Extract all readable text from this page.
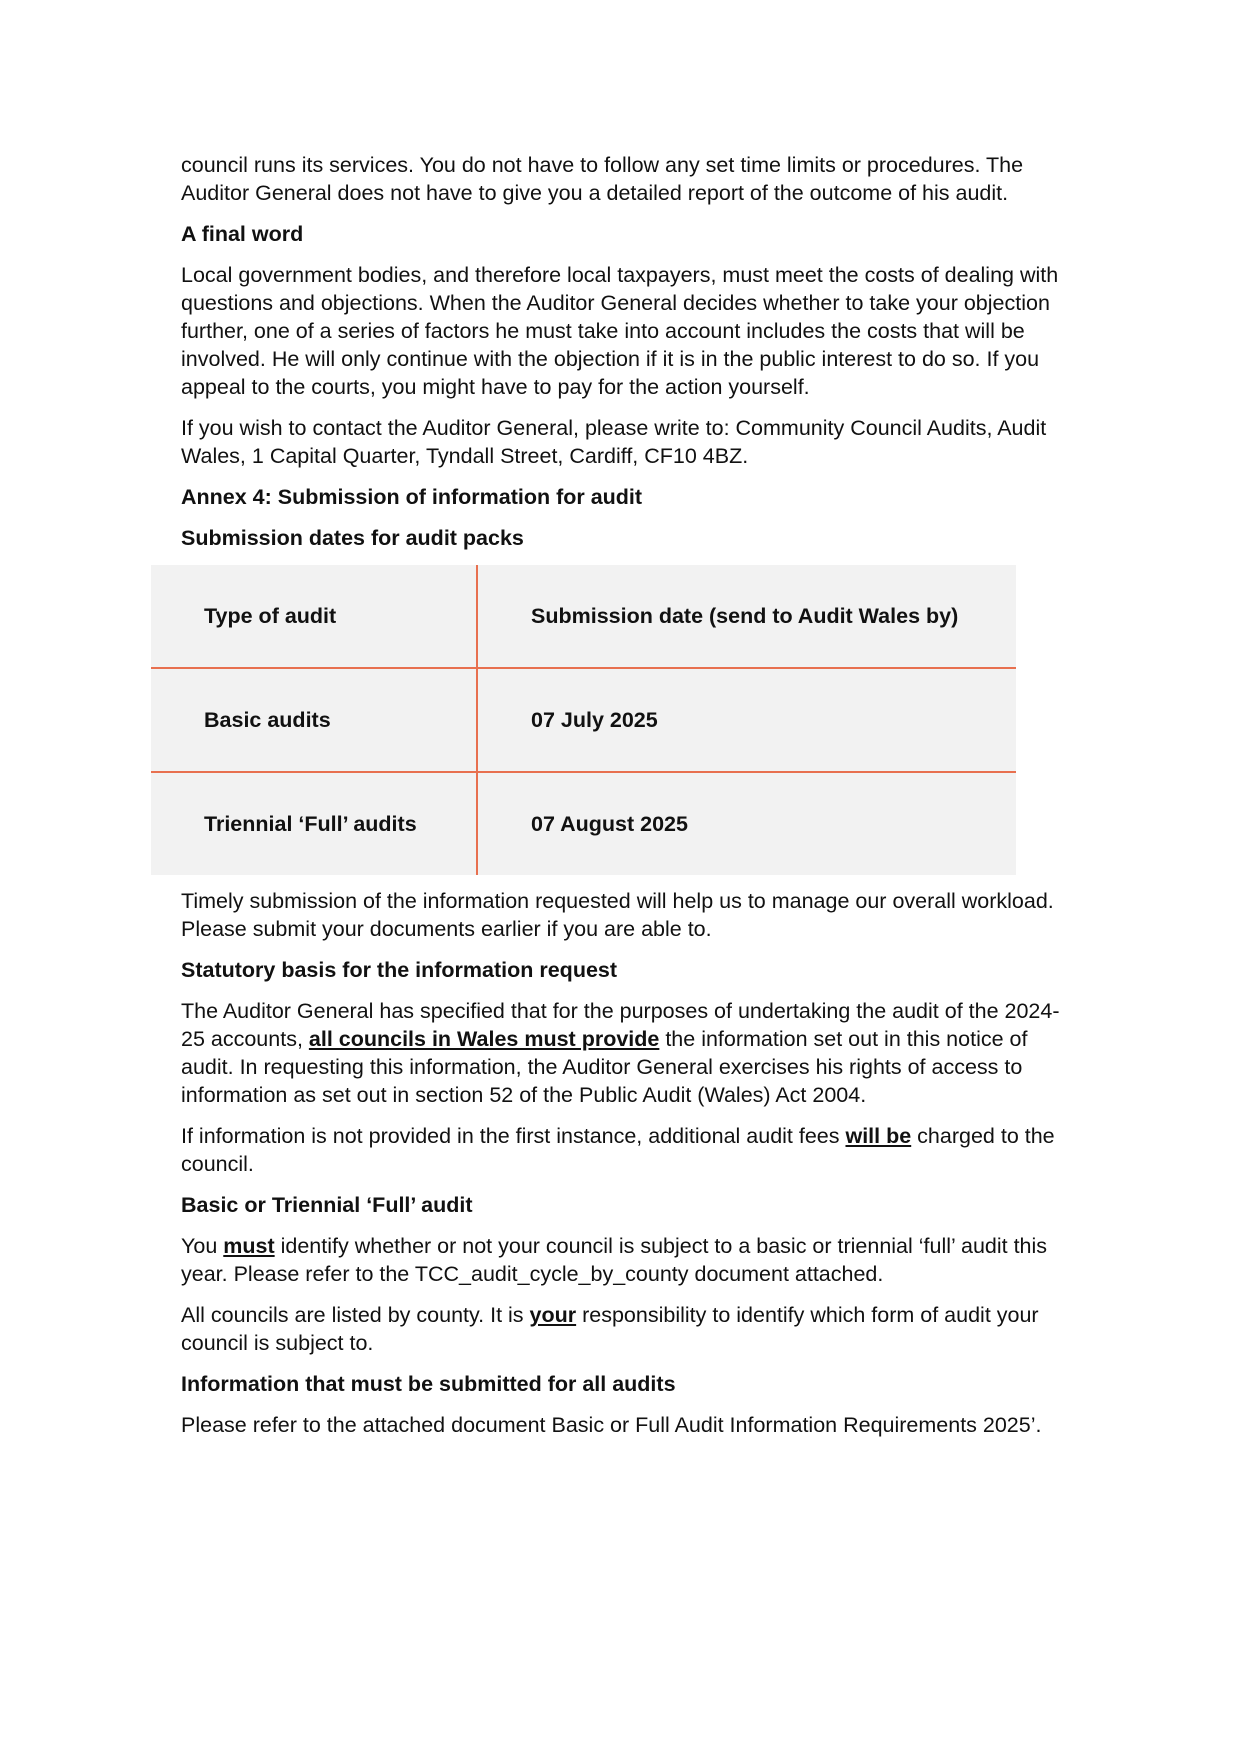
council runs its services. You do not have to follow any set time limits or procedures. The Auditor General does not have to give you a detailed report of the outcome of his audit.

A final word

Local government bodies, and therefore local taxpayers, must meet the costs of dealing with questions and objections. When the Auditor General decides whether to take your objection further, one of a series of factors he must take into account includes the costs that will be involved. He will only continue with the objection if it is in the public interest to do so. If you appeal to the courts, you might have to pay for the action yourself.

If you wish to contact the Auditor General, please write to: Community Council Audits, Audit Wales, 1 Capital Quarter, Tyndall Street, Cardiff, CF10 4BZ.

Annex 4: Submission of information for audit
Submission dates for audit packs
Type of audit	Submission date (send to Audit Wales by)
Basic audits	07 July 2025
Triennial ‘Full’ audits	07 August 2025

Timely submission of the information requested will help us to manage our overall workload. Please submit your documents earlier if you are able to.

Statutory basis for the information request

The Auditor General has specified that for the purposes of undertaking the audit of the 2024-25 accounts, all councils in Wales must provide the information set out in this notice of audit. In requesting this information, the Auditor General exercises his rights of access to information as set out in section 52 of the Public Audit (Wales) Act 2004.

If information is not provided in the first instance, additional audit fees will be charged to the council.

Basic or Triennial ‘Full’ audit

You must identify whether or not your council is subject to a basic or triennial ‘full’ audit this year. Please refer to the TCC_audit_cycle_by_county document attached.

All councils are listed by county. It is your responsibility to identify which form of audit your council is subject to.

Information that must be submitted for all audits

Please refer to the attached document Basic or Full Audit Information Requirements 2025’.
